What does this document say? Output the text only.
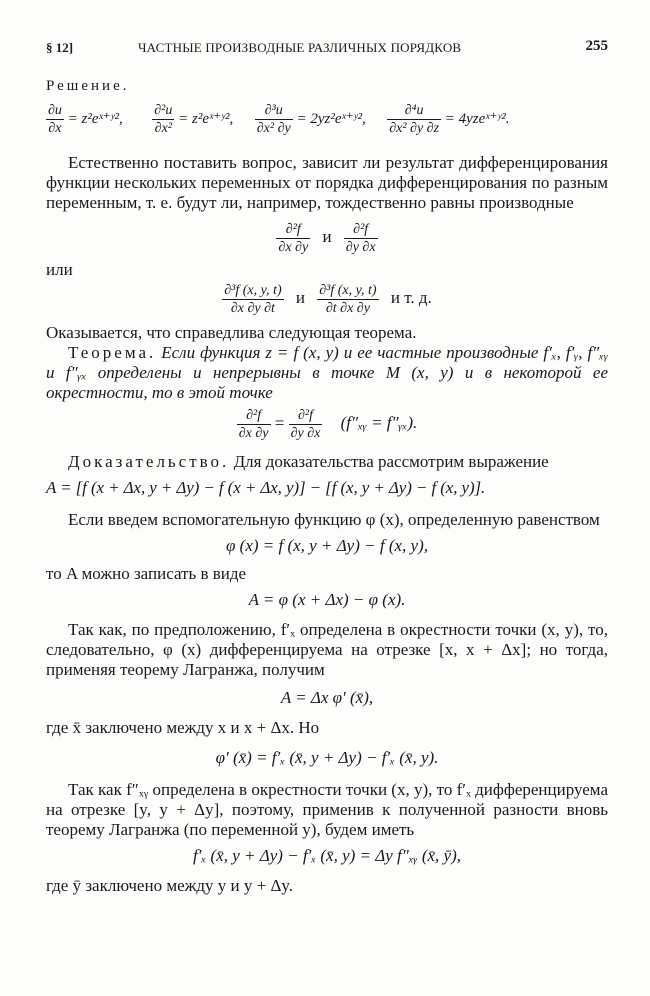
§ 12]	ЧАСТНЫЕ ПРОИЗВОДНЫЕ РАЗЛИЧНЫХ ПОРЯДКОВ	255

Решение.

$\frac{\partial u}{\partial x}$ = z²eˣ⁺ʸ², $\frac{\text{∂²u}}{\text{∂x²}}$ = z²eˣ⁺ʸ², $\frac{\text{∂³u}}{\text{∂x² ∂y}}$ = 2yz²eˣ⁺ʸ², $\frac{\text{∂⁴u}}{\text{∂x² ∂y ∂z}}$ = 4yzeˣ⁺ʸ².

Естественно поставить вопрос, зависит ли результат дифференцирования функции нескольких переменных от порядка дифференцирования по разным переменным, т. е. будут ли, например, тождественно равны производные

$\frac{\text{∂²f}}{\partial x \partial y}$ и $\frac{\text{∂²f}}{\partial y \partial x}$

или

$\frac{\text{∂³f (x, y, t)}}{\partial x \partial y \partial t}$ и $\frac{\text{∂³f (x, y, t)}}{\partial t \partial x \partial y}$ и т. д.

Оказывается, что справедлива следующая теорема.

Теорема. Если функция z = f (x, y) и ее частные производные f′ₓ, f′ᵧ, f″ₓᵧ и f″ᵧₓ определены и непрерывны в точке M (x, y) и в некоторой ее окрестности, то в этой точке

$\frac{\text{∂²f}}{\partial x \partial y} = \frac{\text{∂²f}}{\partial y \partial x}$ (f″ₓᵧ = f″ᵧₓ).

Доказательство. Для доказательства рассмотрим выражение

A = [f (x + Δx, y + Δy) − f (x + Δx, y)] − [f (x, y + Δy) − f (x, y)].

Если введем вспомогательную функцию φ (x), определенную равенством

φ (x) = f (x, y + Δy) − f (x, y),

то A можно записать в виде

A = φ (x + Δx) − φ (x).

Так как, по предположению, f′ₓ определена в окрестности точки (x, y), то, следовательно, φ (x) дифференцируема на отрезке [x, x + Δx]; но тогда, применяя теорему Лагранжа, получим

A = Δx φ′ (x̄),

где x̄ заключено между x и x + Δx. Но

φ′ (x̄) = f′ₓ (x̄, y + Δy) − f′ₓ (x̄, y).

Так как f″ₓᵧ определена в окрестности точки (x, y), то f′ₓ дифференцируема на отрезке [y, y + Δy], поэтому, применив к полученной разности вновь теорему Лагранжа (по переменной y), будем иметь

f′ₓ (x̄, y + Δy) − f′ₓ (x̄, y) = Δy f″ₓᵧ (x̄, ȳ),

где ȳ заключено между y и y + Δy.
